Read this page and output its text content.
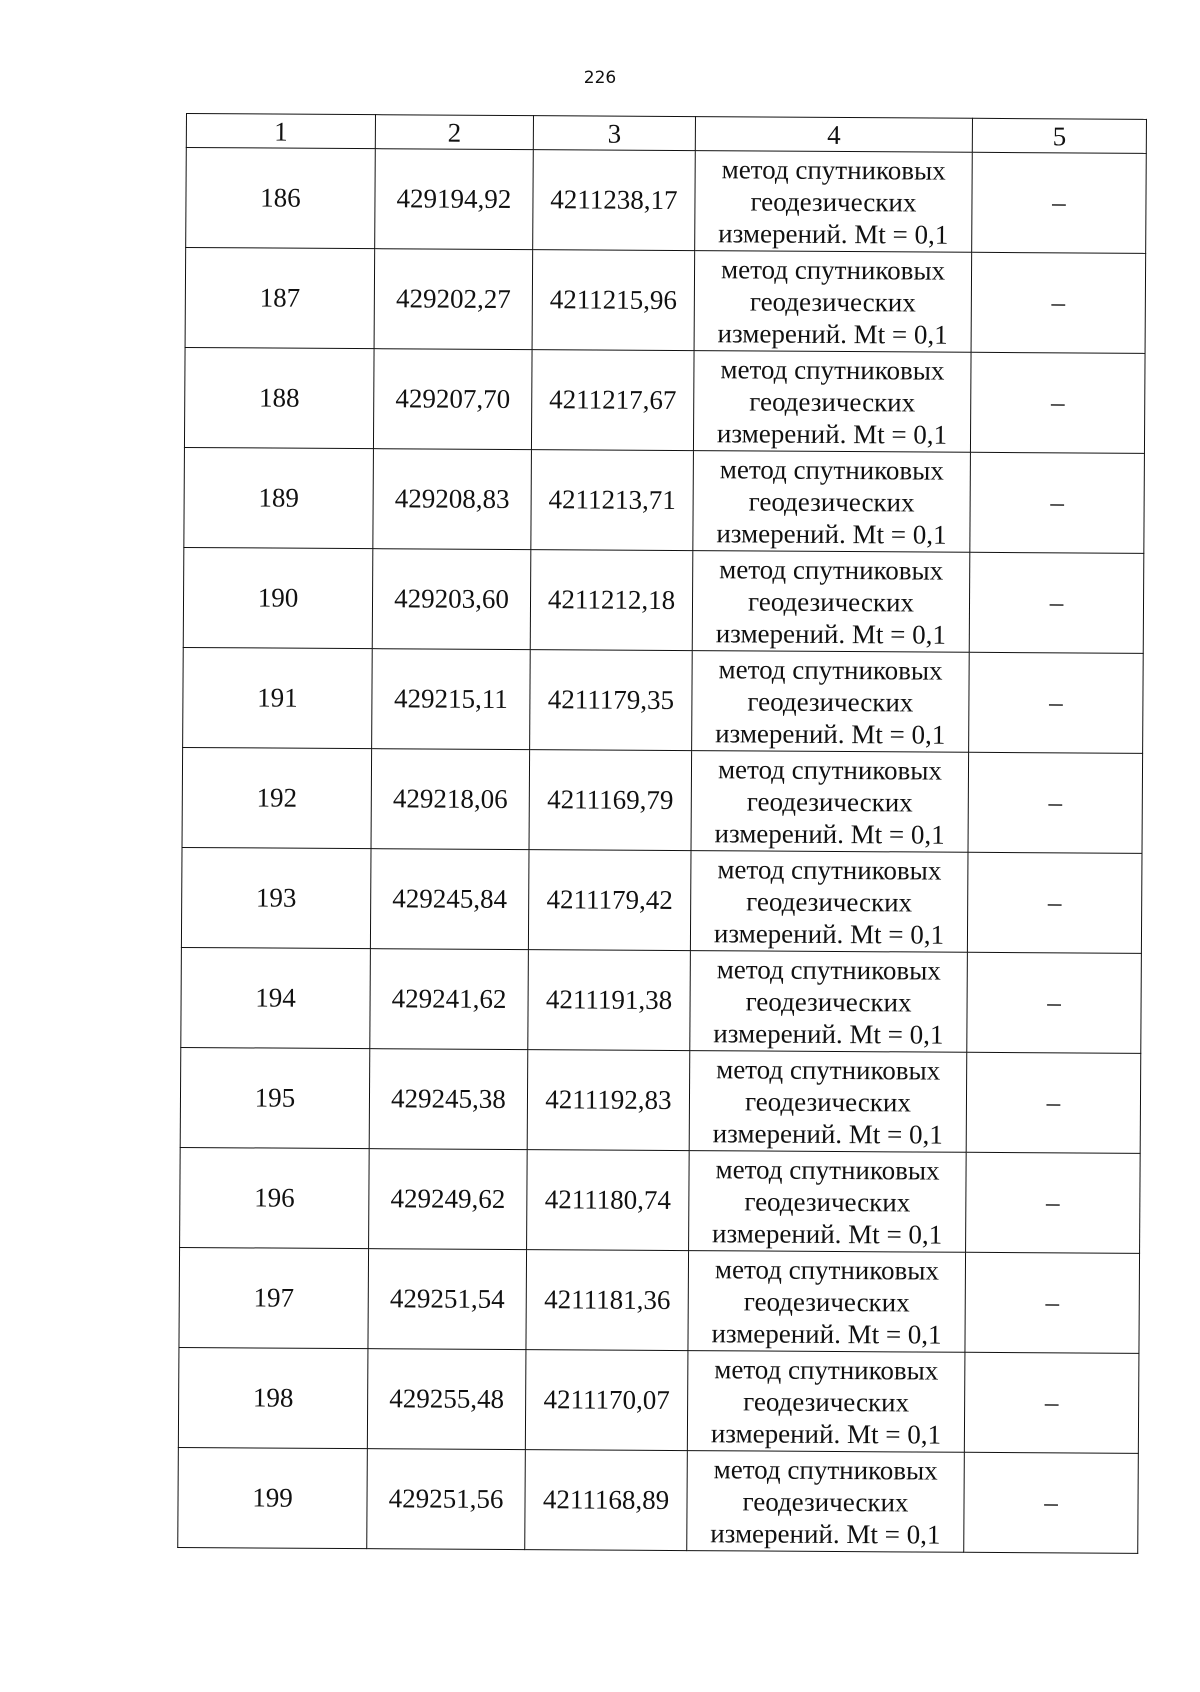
226
1	2	3	4	5
186	429194,92	4211238,17	метод спутниковых
геодезических
измерений. Mt = 0,1	–
187	429202,27	4211215,96	метод спутниковых
геодезических
измерений. Mt = 0,1	–
188	429207,70	4211217,67	метод спутниковых
геодезических
измерений. Mt = 0,1	–
189	429208,83	4211213,71	метод спутниковых
геодезических
измерений. Mt = 0,1	–
190	429203,60	4211212,18	метод спутниковых
геодезических
измерений. Mt = 0,1	–
191	429215,11	4211179,35	метод спутниковых
геодезических
измерений. Mt = 0,1	–
192	429218,06	4211169,79	метод спутниковых
геодезических
измерений. Mt = 0,1	–
193	429245,84	4211179,42	метод спутниковых
геодезических
измерений. Mt = 0,1	–
194	429241,62	4211191,38	метод спутниковых
геодезических
измерений. Mt = 0,1	–
195	429245,38	4211192,83	метод спутниковых
геодезических
измерений. Mt = 0,1	–
196	429249,62	4211180,74	метод спутниковых
геодезических
измерений. Mt = 0,1	–
197	429251,54	4211181,36	метод спутниковых
геодезических
измерений. Mt = 0,1	–
198	429255,48	4211170,07	метод спутниковых
геодезических
измерений. Mt = 0,1	–
199	429251,56	4211168,89	метод спутниковых
геодезических
измерений. Mt = 0,1	–
